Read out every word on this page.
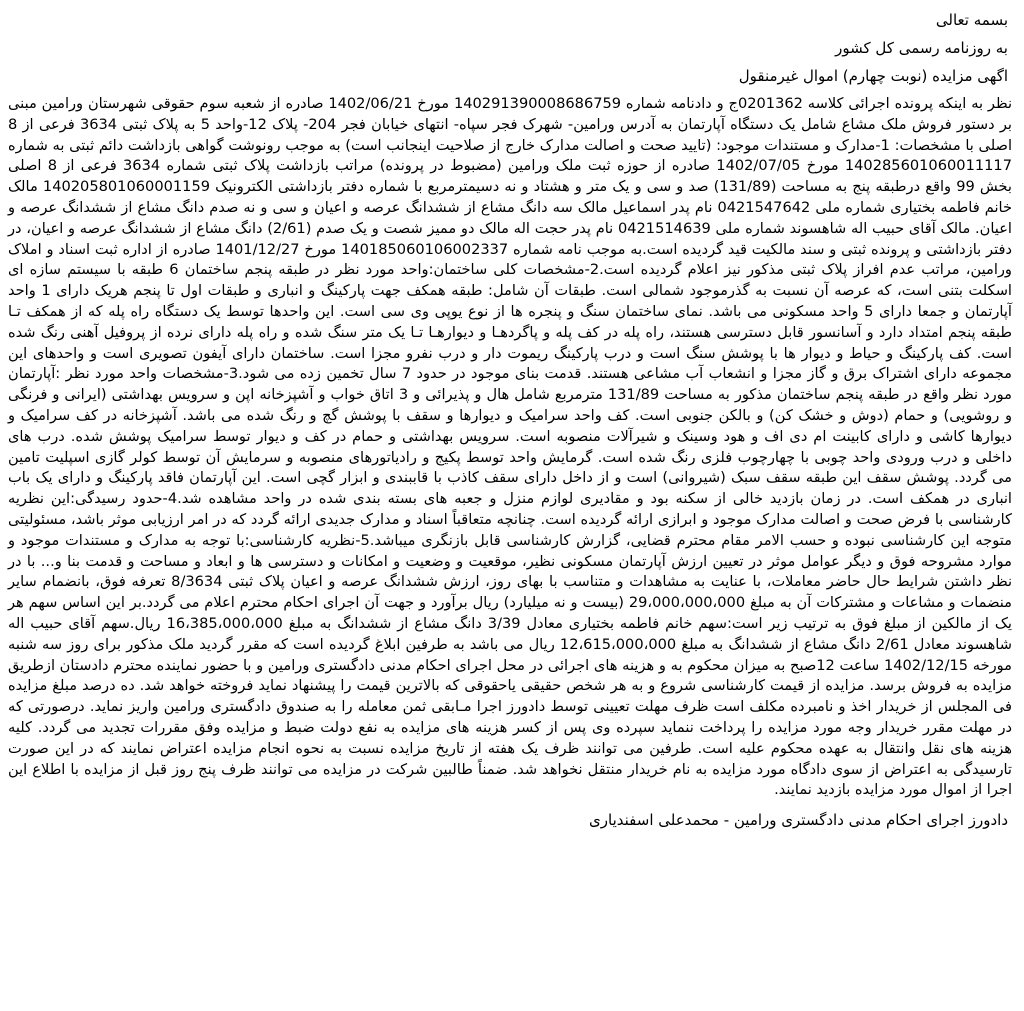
بسمه تعالی
به روزنامه رسمی کل کشور
اگهی مزایده (نوبت چهارم) اموال غیرمنقول

نظر به اینکه پرونده اجرائی کلاسه 0201362ج و دادنامه شماره 140291390008686759 مورخ 1402/06/21 صادره از شعبه سوم حقوقی شهرستان ورامین مبنی بر دستور فروش ملک مشاع شامل یک دستگاه آپارتمان به آدرس ورامین- شهرک فجر سپاه- انتهای خیابان فجر 204- پلاک 12-واحد 5 به پلاک ثبتی 3634 فرعی از 8 اصلی با مشخصات: 1-مدارک و مستندات موجود: (تایید صحت و اصالت مدارک خارج از صلاحیت اینجانب است) به موجب رونوشت گواهی بازداشت دائم ثبتی به شماره 140285601060011117 مورخ 1402/07/05 صادره از حوزه ثبت ملک ورامین (مضبوط در پرونده) مراتب بازداشت پلاک ثبتی شماره 3634 فرعی از 8 اصلی بخش 99 واقع درطبقه پنج به مساحت (131/89) صد و سی و یک متر و هشتاد و نه دسیمترمربع با شماره دفتر بازداشتی الکترونیک 140205801060001159 مالک خانم فاطمه بختیاری شماره ملی 0421547642 نام پدر اسماعیل مالک سه دانگ مشاع از ششدانگ عرصه و اعیان و سی و نه صدم دانگ مشاع از ششدانگ عرصه و اعیان. مالک آقای حبیب اله شاهسوند شماره ملی 0421514639 نام پدر حجت اله مالک دو ممیز شصت و یک صدم (2/61) دانگ مشاع از ششدانگ عرصه و اعیان، در دفتر بازداشتی و پرونده ثبتی و سند مالکیت قید گردیده است.به موجب نامه شماره 140185060106002337 مورخ 1401/12/27 صادره از اداره ثبت اسناد و املاک ورامین، مراتب عدم افراز پلاک ثبتی مذکور نیز اعلام گردیده است.2-مشخصات کلی ساختمان:واحد مورد نظر در طبقه پنجم ساختمان 6 طبقه با سیستم سازه ای اسکلت بتنی است، که عرصه آن نسبت به گذرموجود شمالی است. طبقات آن شامل: طبقه همکف جهت پارکینگ و انباری و طبقات اول تا پنجم هریک دارای 1 واحد آپارتمان و جمعا دارای 5 واحد مسکونی می باشد. نمای ساختمان سنگ و پنجره ها از نوع یوپی وی سی است. این واحدها توسط یک دستگاه راه پله که از همکف تـا طبقه پنجم امتداد دارد و آسانسور قابل دسترسی هستند، راه پله در کف پله و پاگردهـا و دیوارهـا تـا یک متر سنگ شده و راه پله دارای نرده از پروفیل آهنی رنگ شده است. کف پارکینگ و حیاط و دیوار ها با پوشش سنگ است و درب پارکینگ ریموت دار و درب نفرو مجزا است. ساختمان دارای آیفون تصویری است و واحدهای این مجموعه دارای اشتراک برق و گاز مجزا و انشعاب آب مشاعی هستند. قدمت بنای موجود در حدود 7 سال تخمین زده می شود.3-مشخصات واحد مورد نظر :آپارتمان مورد نظر واقع در طبقه پنجم ساختمان مذکور به مساحت 131/89 مترمربع شامل هال و پذیرائی و 3 اتاق خواب و آشپزخانه اپن و سرویس بهداشتی (ایرانی و فرنگی و روشویی) و حمام (دوش و خشک کن) و بالکن جنوبی است. کف واحد سرامیک و دیوارها و سقف با پوشش گچ و رنگ شده می باشد. آشپزخانه در کف سرامیک و دیوارها کاشی و دارای کابینت ام دی اف و هود وسینک و شیرآلات منصوبه است. سرویس بهداشتی و حمام در کف و دیوار توسط سرامیک پوشش شده. درب های داخلی و درب ورودی واحد چوبی با چهارچوب فلزی رنگ شده است. گرمایش واحد توسط پکیج و رادیاتورهای منصوبه و سرمایش آن توسط کولر گازی اسپلیت تامین می گردد. پوشش سقف این طبقه سقف سبک (شیروانی) است و از داخل دارای سقف کاذب با قاببندی و ابزار گچی است. این آپارتمان فاقد پارکینگ و دارای یک باب انباری در همکف است. در زمان بازدید خالی از سکنه بود و مقادیری لوازم منزل و جعبه های بسته بندی شده در واحد مشاهده شد.4-حدود رسیدگی:این نظریه کارشناسی با فرض صحت و اصالت مدارک موجود و ابرازی ارائه گردیده است. چنانچه متعاقباً اسناد و مدارک جدیدی ارائه گردد که در امر ارزیابی موثر باشد، مسئولیتی متوجه این کارشناسی نبوده و حسب الامر مقام محترم قضایی، گزارش کارشناسی قابل بازنگری میباشد.5-نظریه کارشناسی:با توجه به مدارک و مستندات موجود و موارد مشروحه فوق و دیگر عوامل موثر در تعیین ارزش آپارتمان مسکونی نظیر، موقعیت و وضعیت و امکانات و دسترسی ها و ابعاد و مساحت و قدمت بنا و... با در نظر داشتن شرایط حال حاضر معاملات، با عنایت به مشاهدات و متناسب با بهای روز، ارزش ششدانگ عرصه و اعیان پلاک ثبتی 8/3634 تعرفه فوق، بانضمام سایر منضمات و مشاعات و مشترکات آن به مبلغ 29،000،000،000 (بیست و نه میلیارد) ریال برآورد و جهت آن اجرای احکام محترم اعلام می گردد.بر این اساس سهم هر یک از مالکین از مبلغ فوق به ترتیب زیر است:سهم خانم فاطمه بختیاری معادل 3/39 دانگ مشاع از ششدانگ به مبلغ 16،385،000،000 ریال.سهم آقای حبیب اله شاهسوند معادل 2/61 دانگ مشاع از ششدانگ به مبلغ 12،615،000،000 ریال می باشد به طرفین ابلاغ گردیده است که مقرر گردید ملک مذکور برای روز سه شنبه مورخه 1402/12/15 ساعت 12صبح به میزان محکوم به و هزینه های اجرائی در محل اجرای احکام مدنی دادگستری ورامین و با حضور نماینده محترم دادستان ازطریق مزایده به فروش برسد. مزایده از قیمت کارشناسی شروع و به هر شخص حقیقی یاحقوقی که بالاترین قیمت را پیشنهاد نماید فروخته خواهد شد. ده درصد مبلغ مزایده فی المجلس از خریدار اخذ و نامبرده مکلف است ظرف مهلت تعیینی توسط دادورز اجرا مـابقی ثمن معامله را به صندوق دادگستری ورامین واریز نماید. درصورتی که در مهلت مقرر خریدار وجه مورد مزایده را پرداخت ننماید سپرده وی پس از کسر هزینه های مزایده به نفع دولت ضبط و مزایده وفق مقررات تجدید می گردد. کلیه هزینه های نقل وانتقال به عهده محکوم علیه است. طرفین می توانند ظرف یک هفته از تاریخ مزایده نسبت به نحوه انجام مزایده اعتراض نمایند که در این صورت تارسیدگی به اعتراض از سوی دادگاه مورد مزایده به نام خریدار منتقل نخواهد شد. ضمناً طالبین شرکت در مزایده می توانند ظرف پنج روز قبل از مزایده با اطلاع این اجرا از اموال مورد مزایده بازدید نمایند.

دادورز اجرای احکام مدنی دادگستری ورامین - محمدعلی اسفندیاری
